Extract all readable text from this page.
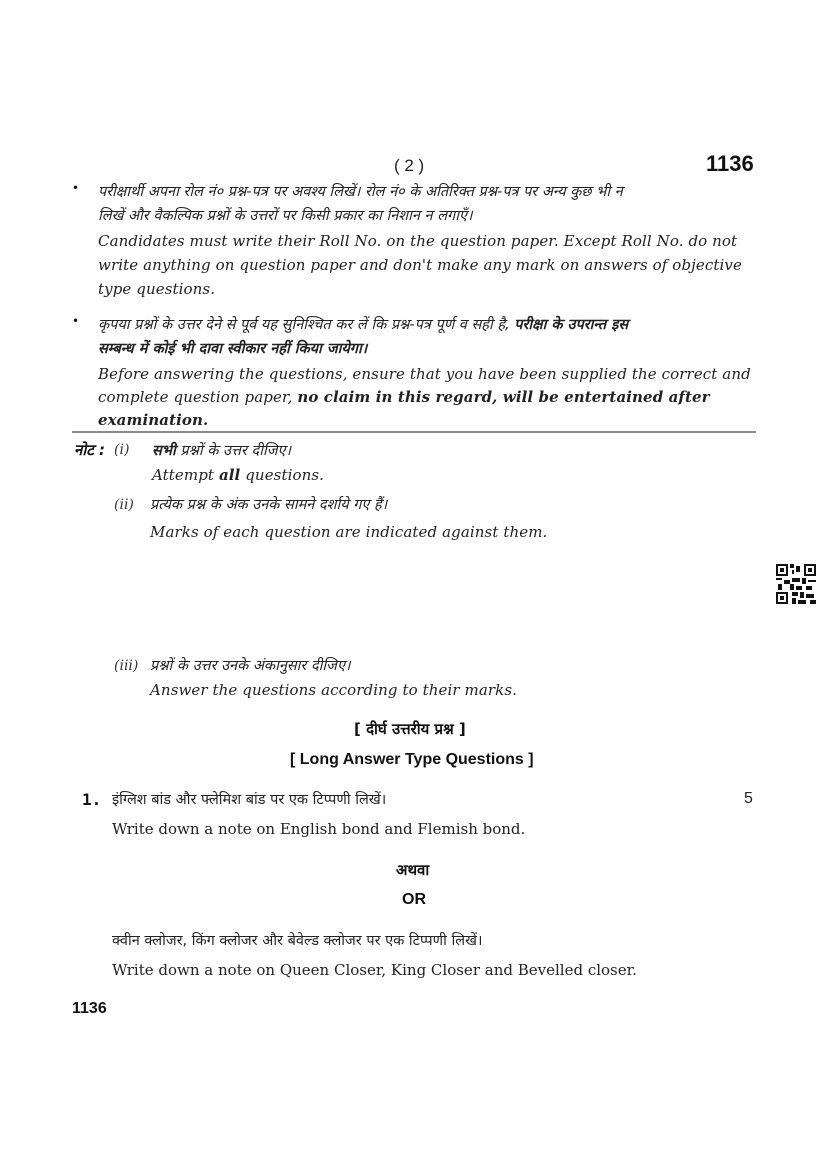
( 2 )	1136
• परीक्षार्थी अपना रोल नं० प्रश्न-पत्र पर अवश्य लिखें। रोल नं० के अतिरिक्त प्रश्न-पत्र पर अन्य कुछ भी न
लिखें और वैकल्पिक प्रश्नों के उत्तरों पर किसी प्रकार का निशान न लगाएँ।
Candidates must write their Roll No. on the question paper. Except Roll No. do not
write anything on question paper and don't make any mark on answers of objective
type questions.
• कृपया प्रश्नों के उत्तर देने से पूर्व यह सुनिश्चित कर लें कि प्रश्न-पत्र पूर्ण व सही है, परीक्षा के उपरान्त इस
सम्बन्ध में कोई भी दावा स्वीकार नहीं किया जायेगा।
Before answering the questions, ensure that you have been supplied the correct and
complete question paper, no claim in this regard, will be entertained after
examination.
नोट : (i) सभी प्रश्नों के उत्तर दीजिए।
Attempt all questions.
(ii) प्रत्येक प्रश्न के अंक उनके सामने दर्शाये गए हैं।
Marks of each question are indicated against them.
(iii) प्रश्नों के उत्तर उनके अंकानुसार दीजिए।
Answer the questions according to their marks.
[ दीर्घ उत्तरीय प्रश्न ]
[ Long Answer Type Questions ]
1. इंग्लिश बांड और फ्लेमिश बांड पर एक टिप्पणी लिखें।	5
Write down a note on English bond and Flemish bond.
अथवा
OR
क्वीन क्लोजर, किंग क्लोजर और बेवेल्ड क्लोजर पर एक टिप्पणी लिखें।
Write down a note on Queen Closer, King Closer and Bevelled closer.
1136
